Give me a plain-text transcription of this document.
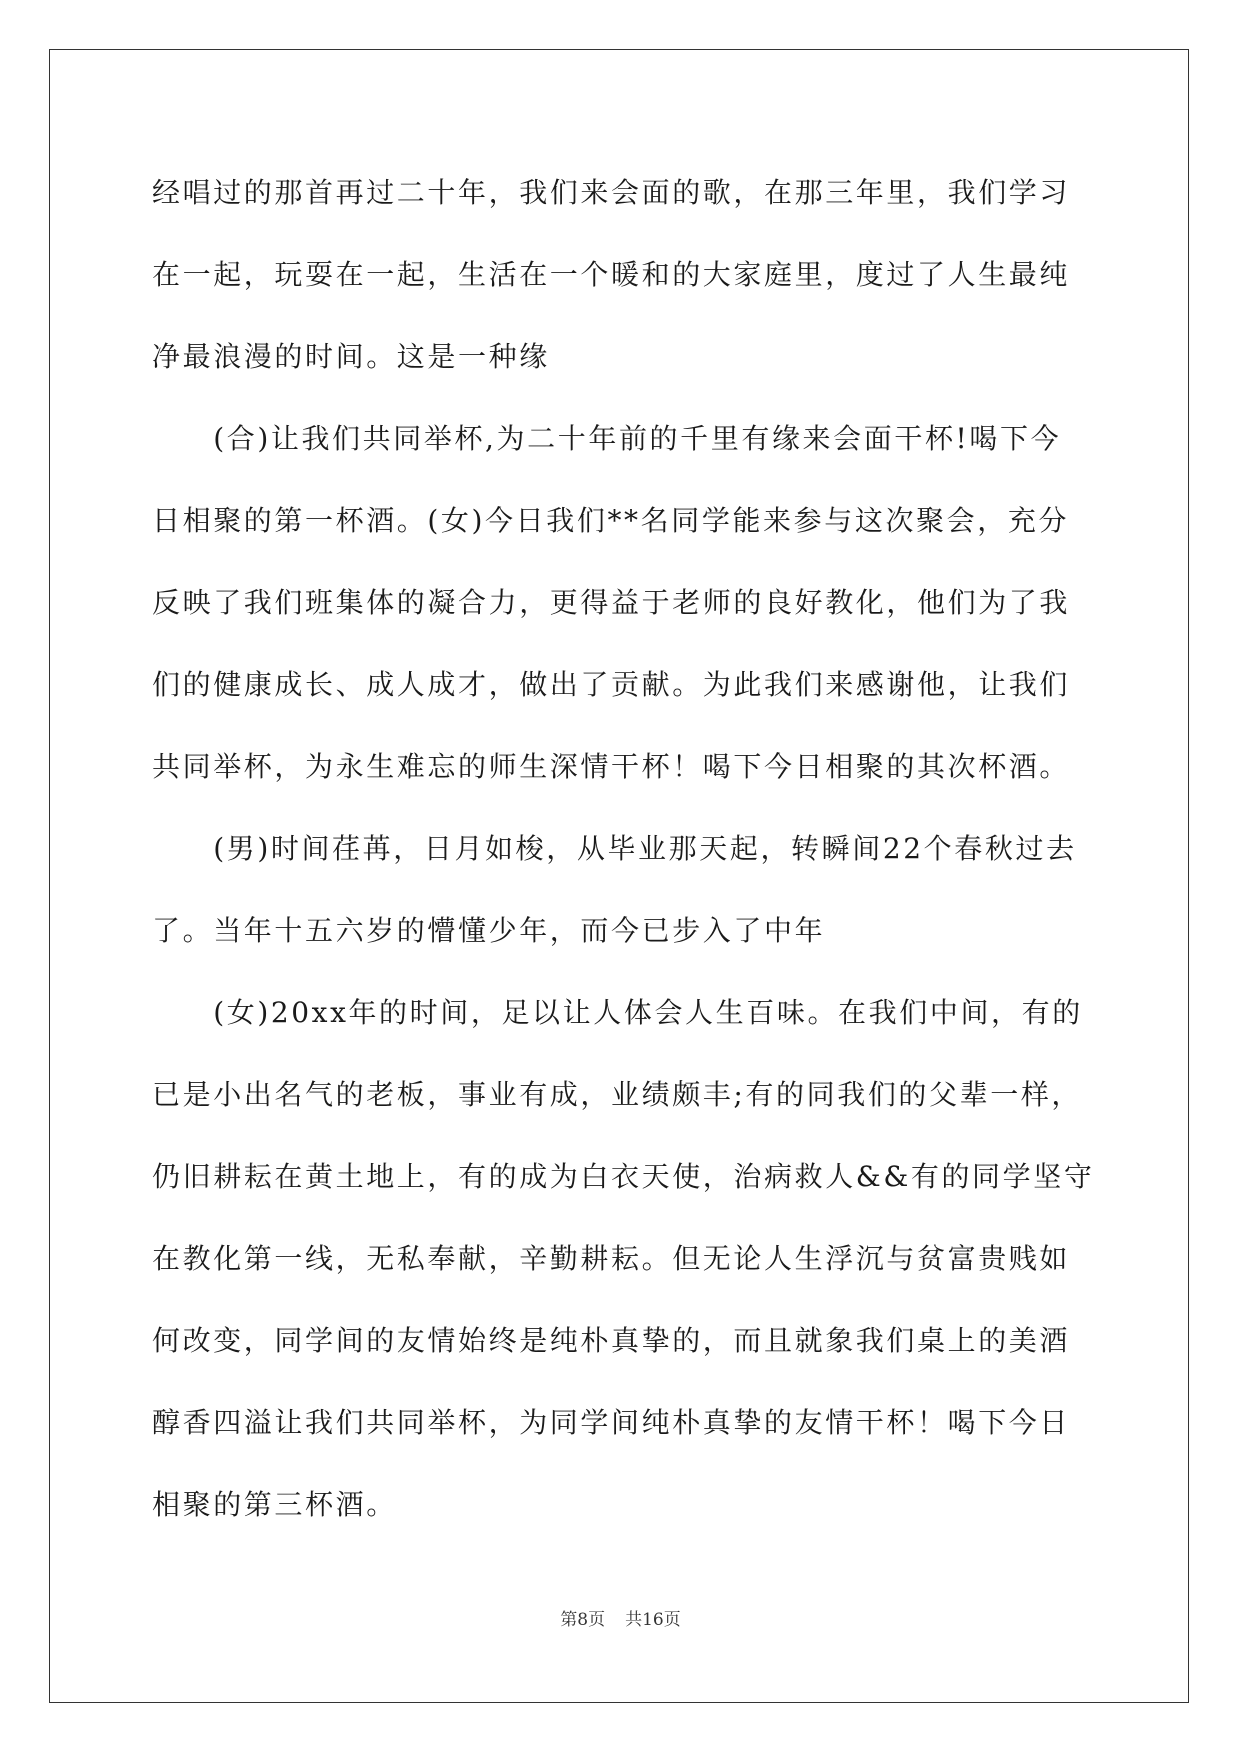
经唱过的那首再过二十年，我们来会面的歌，在那三年里，我们学习
在一起，玩耍在一起，生活在一个暖和的大家庭里，度过了人生最纯
净最浪漫的时间。这是一种缘
　　(合)让我们共同举杯,为二十年前的千里有缘来会面干杯!喝下今
日相聚的第一杯酒。(女)今日我们**名同学能来参与这次聚会，充分
反映了我们班集体的凝合力，更得益于老师的良好教化，他们为了我
们的健康成长、成人成才，做出了贡献。为此我们来感谢他，让我们
共同举杯，为永生难忘的师生深情干杯！喝下今日相聚的其次杯酒。
　　(男)时间荏苒，日月如梭，从毕业那天起，转瞬间22个春秋过去
了。当年十五六岁的懵懂少年，而今已步入了中年
　　(女)20xx年的时间，足以让人体会人生百味。在我们中间，有的
已是小出名气的老板，事业有成，业绩颇丰;有的同我们的父辈一样，
仍旧耕耘在黄土地上，有的成为白衣天使，治病救人&&有的同学坚守
在教化第一线，无私奉献，辛勤耕耘。但无论人生浮沉与贫富贵贱如
何改变，同学间的友情始终是纯朴真挚的，而且就象我们桌上的美酒
醇香四溢让我们共同举杯，为同学间纯朴真挚的友情干杯！喝下今日
相聚的第三杯酒。
第8页 共16页
